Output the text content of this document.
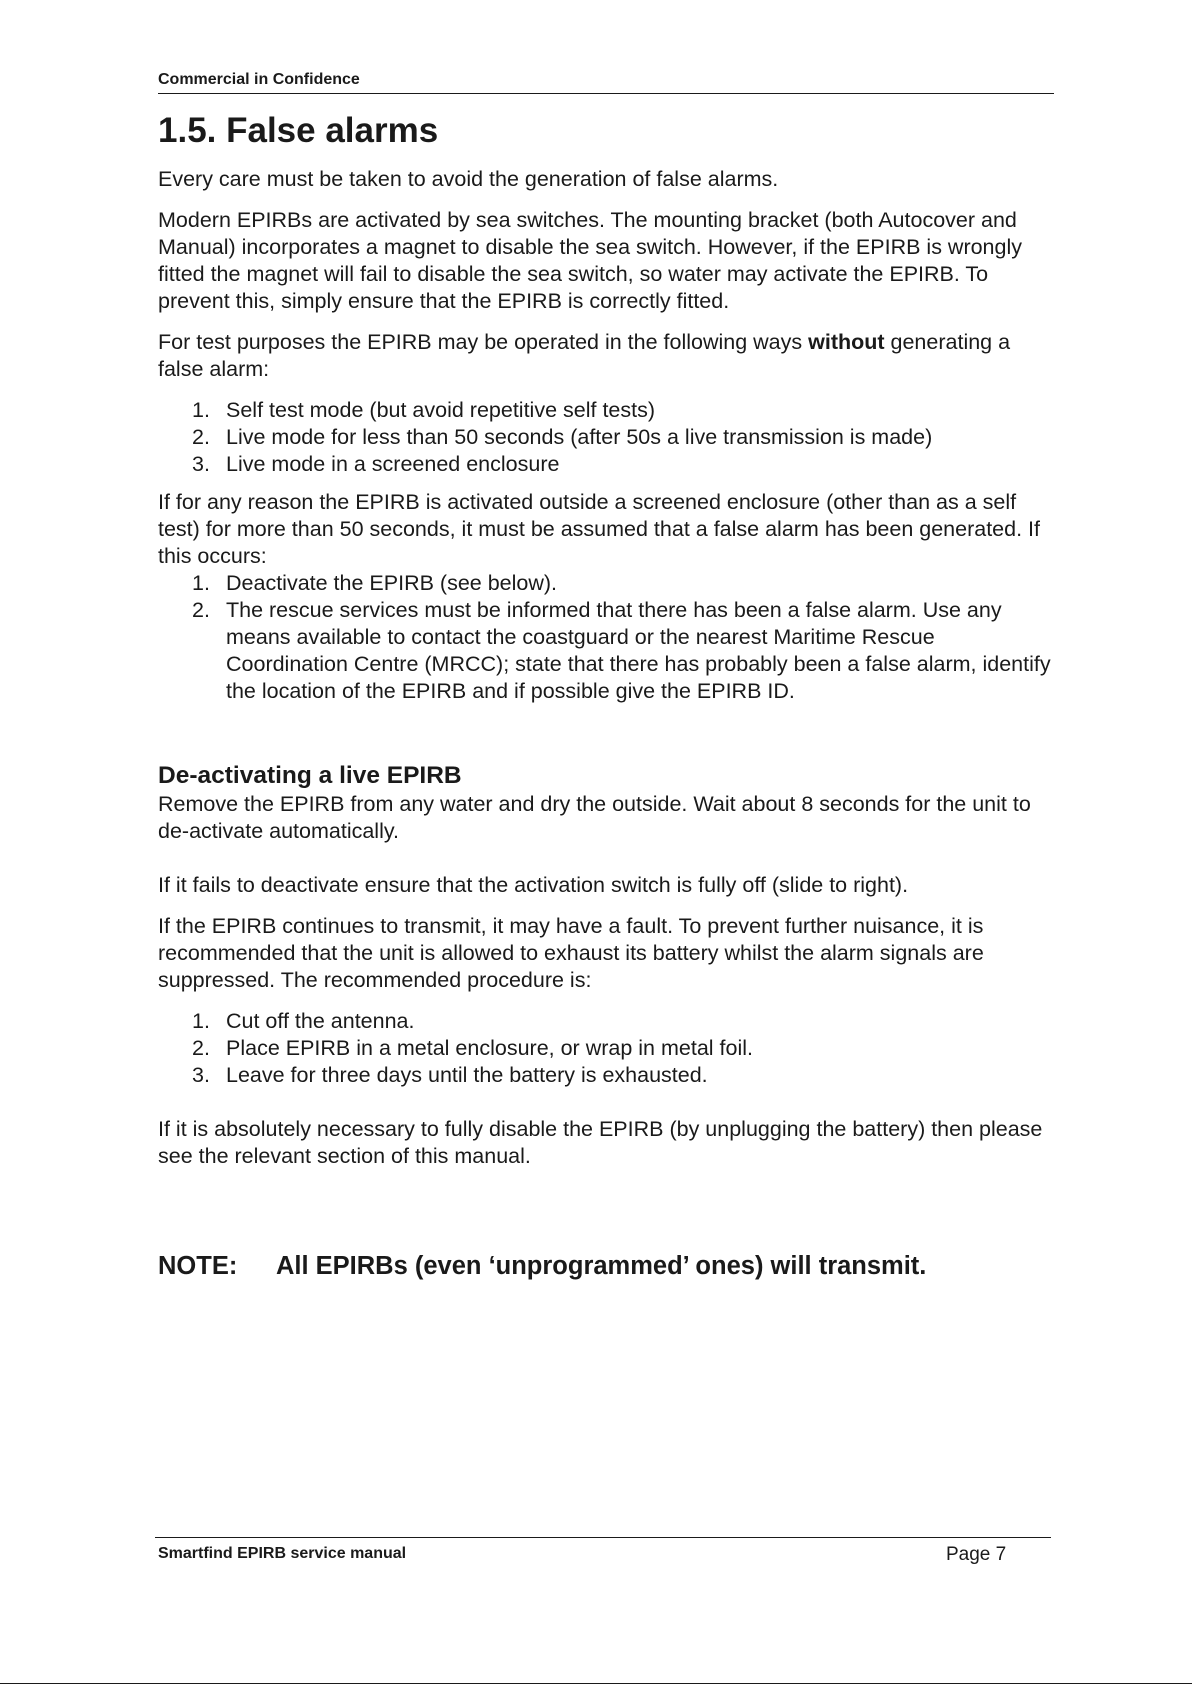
Commercial in Confidence
1.5. False alarms

Every care must be taken to avoid the generation of false alarms.

Modern EPIRBs are activated by sea switches. The mounting bracket (both Autocover and Manual) incorporates a magnet to disable the sea switch. However, if the EPIRB is wrongly fitted the magnet will fail to disable the sea switch, so water may activate the EPIRB. To prevent this, simply ensure that the EPIRB is correctly fitted.

For test purposes the EPIRB may be operated in the following ways without generating a false alarm:

1. Self test mode (but avoid repetitive self tests)
2. Live mode for less than 50 seconds (after 50s a live transmission is made)
3. Live mode in a screened enclosure

If for any reason the EPIRB is activated outside a screened enclosure (other than as a self test) for more than 50 seconds, it must be assumed that a false alarm has been generated. If this occurs:

1. Deactivate the EPIRB (see below).
2. The rescue services must be informed that there has been a false alarm. Use any means available to contact the coastguard or the nearest Maritime Rescue Coordination Centre (MRCC); state that there has probably been a false alarm, identify the location of the EPIRB and if possible give the EPIRB ID.
De-activating a live EPIRB

Remove the EPIRB from any water and dry the outside. Wait about 8 seconds for the unit to de-activate automatically.

If it fails to deactivate ensure that the activation switch is fully off (slide to right).

If the EPIRB continues to transmit, it may have a fault. To prevent further nuisance, it is recommended that the unit is allowed to exhaust its battery whilst the alarm signals are suppressed. The recommended procedure is:

1. Cut off the antenna.
2. Place EPIRB in a metal enclosure, or wrap in metal foil.
3. Leave for three days until the battery is exhausted.

If it is absolutely necessary to fully disable the EPIRB (by unplugging the battery) then please see the relevant section of this manual.

NOTE:	All EPIRBs (even ‘unprogrammed’ ones) will transmit.
Smartfind EPIRB service manual	Page 7
